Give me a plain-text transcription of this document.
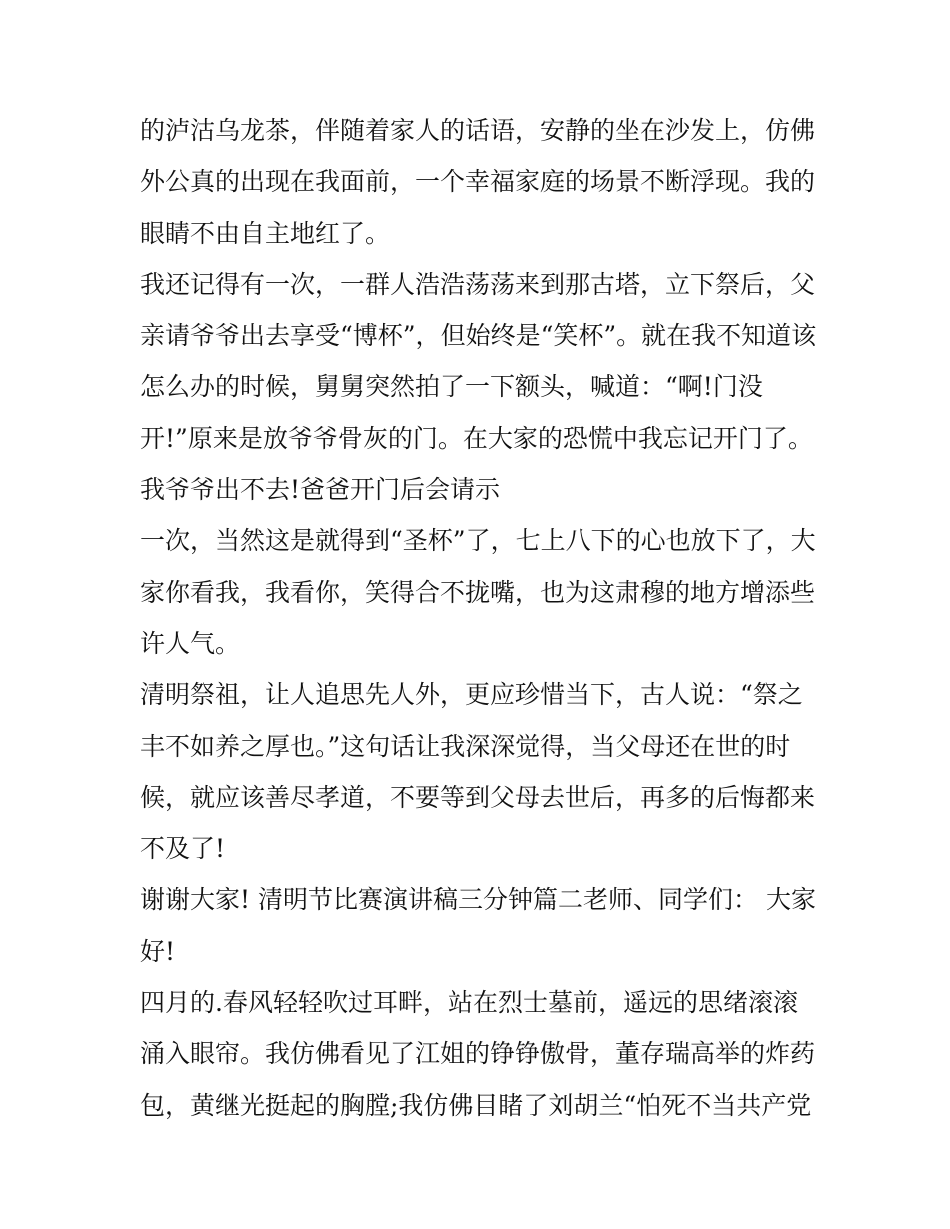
的泸沽乌龙茶，伴随着家人的话语，安静的坐在沙发上，仿佛
外公真的出现在我面前，一个幸福家庭的场景不断浮现。我的
眼睛不由自主地红了。
我还记得有一次，一群人浩浩荡荡来到那古塔，立下祭后，父
亲请爷爷出去享受“博杯”，但始终是“笑杯”。就在我不知道该
怎么办的时候，舅舅突然拍了一下额头，喊道：“啊!门没
开!”原来是放爷爷骨灰的门。在大家的恐慌中我忘记开门了。
我爷爷出不去!爸爸开门后会请示
一次，当然这是就得到“圣杯”了，七上八下的心也放下了，大
家你看我，我看你，笑得合不拢嘴，也为这肃穆的地方增添些
许人气。
清明祭祖，让人追思先人外，更应珍惜当下，古人说：“祭之
丰不如养之厚也。”这句话让我深深觉得，当父母还在世的时
候，就应该善尽孝道，不要等到父母去世后，再多的后悔都来
不及了!
谢谢大家! 清明节比赛演讲稿三分钟篇二老师、同学们： 大家
好!
四月的.春风轻轻吹过耳畔，站在烈士墓前，遥远的思绪滚滚
涌入眼帘。我仿佛看见了江姐的铮铮傲骨，董存瑞高举的炸药
包，黄继光挺起的胸膛;我仿佛目睹了刘胡兰“怕死不当共产党
